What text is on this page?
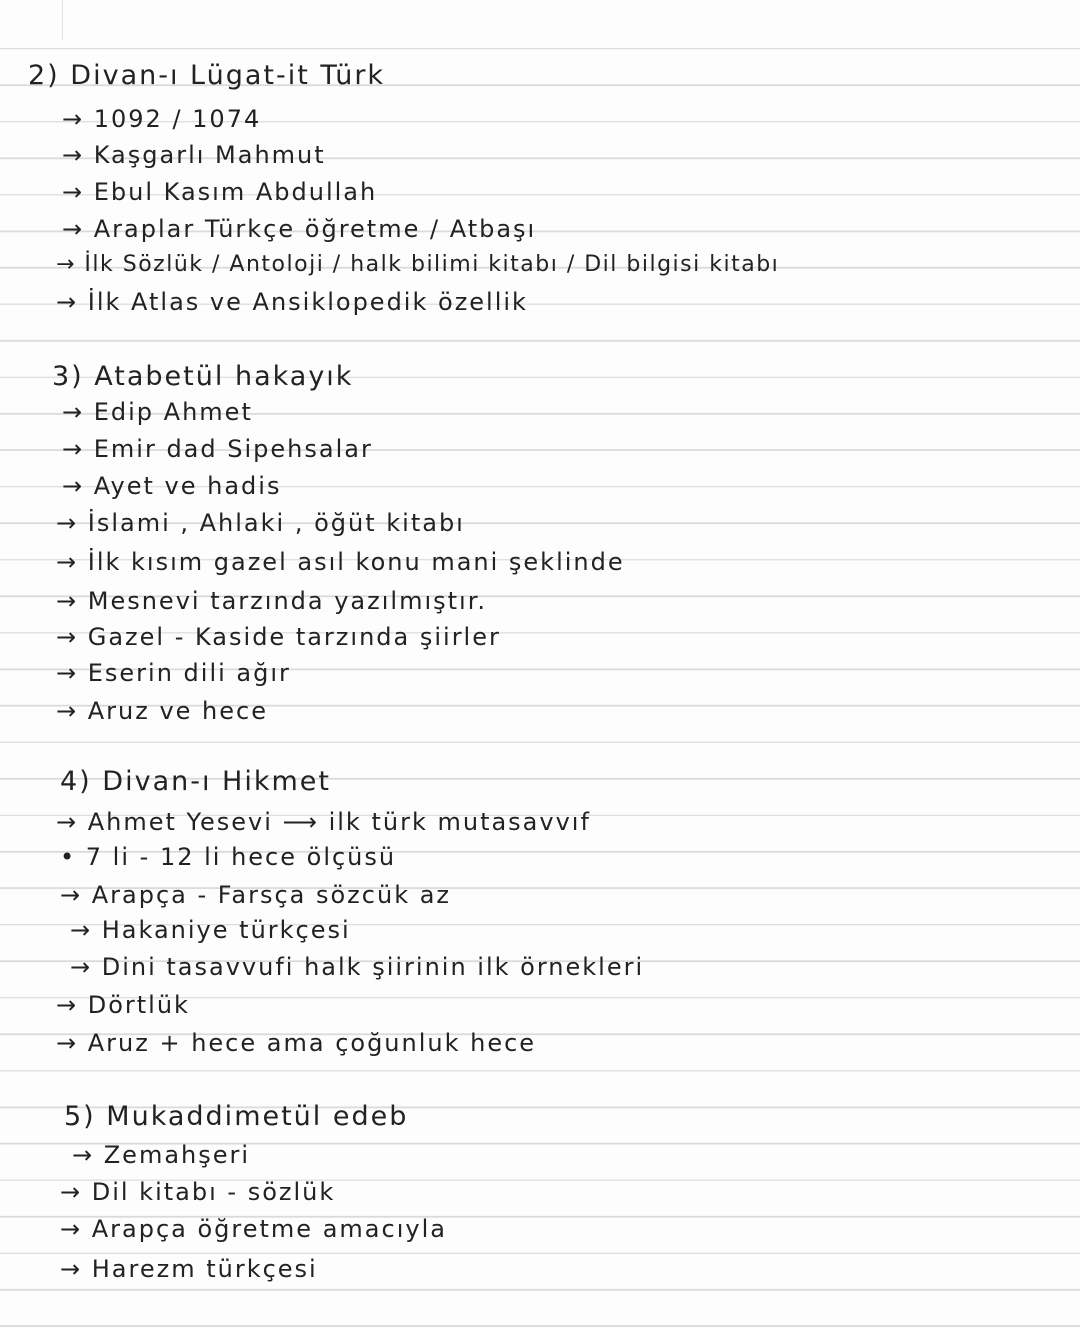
2) Divan-ı Lügat-it Türk
→ 1092 / 1074
→ Kaşgarlı Mahmut
→ Ebul Kasım Abdullah
→ Araplar Türkçe öğretme / Atbaşı
→ İlk Sözlük / Antoloji / halk bilimi kitabı / Dil bilgisi kitabı
→ İlk Atlas ve Ansiklopedik özellik
3) Atabetül hakayık
→ Edip Ahmet
→ Emir dad Sipehsalar
→ Ayet ve hadis
→ İslami , Ahlaki , öğüt kitabı
→ İlk kısım gazel asıl konu mani şeklinde
→ Mesnevi tarzında yazılmıştır.
→ Gazel - Kaside tarzında şiirler
→ Eserin dili ağır
→ Aruz ve hece
4) Divan-ı Hikmet
→ Ahmet Yesevi ⟶ ilk türk mutasavvıf
• 7 li - 12 li hece ölçüsü
→ Arapça - Farsça sözcük az
→ Hakaniye türkçesi
→ Dini tasavvufi halk şiirinin ilk örnekleri
→ Dörtlük
→ Aruz + hece ama çoğunluk hece
5) Mukaddimetül edeb
→ Zemahşeri
→ Dil kitabı - sözlük
→ Arapça öğretme amacıyla
→ Harezm türkçesi
